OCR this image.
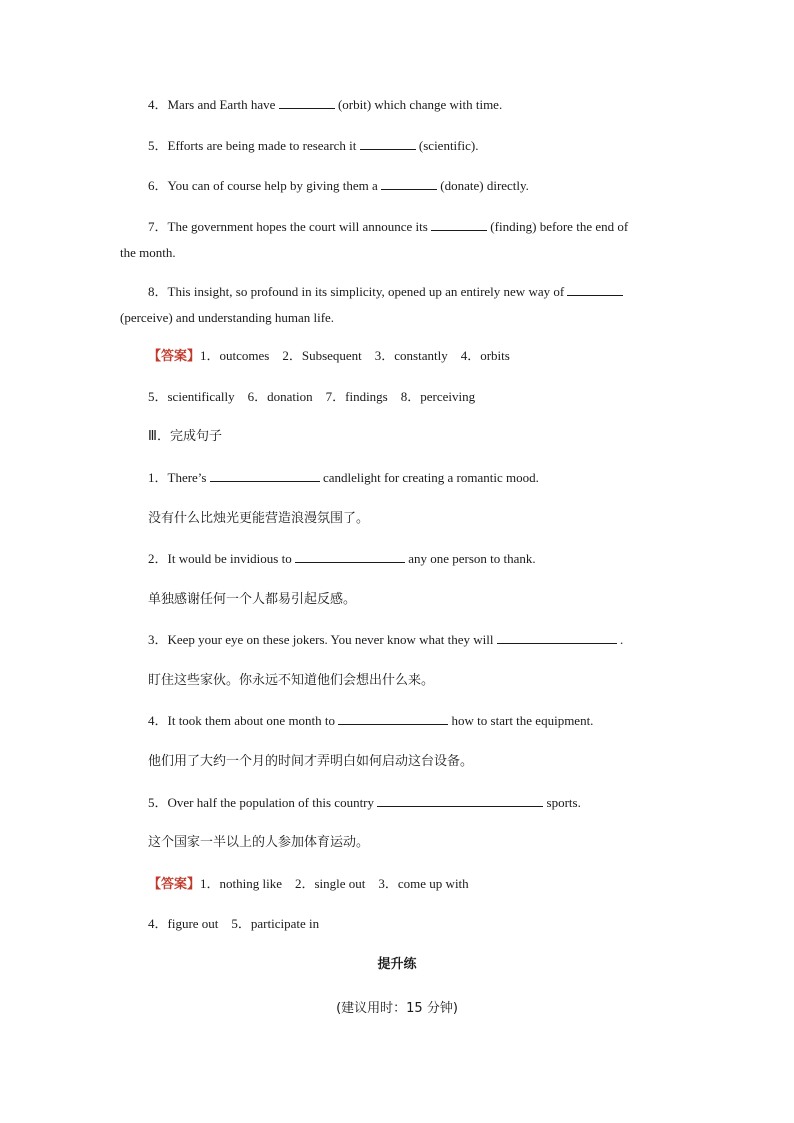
4．Mars and Earth have	(orbit) which change with time.
5．Efforts are being made to research it	(scientific).
6．You can of course help by giving them a	(donate) directly.
7．The government hopes the court will announce its	(finding) before the end of
the month.
8．This insight, so profound in its simplicity, opened up an entirely new way of
(perceive) and understanding human life.
【答案】1．outcomes　2．Subsequent　3．constantly　4．orbits
5．scientifically　6．donation　7．findings　8．perceiving
Ⅲ．完成句子
1．There’s	candlelight for creating a romantic mood.
没有什么比烛光更能营造浪漫氛围了。
2．It would be invidious to	any one person to thank.
单独感谢任何一个人都易引起反感。
3．Keep your eye on these jokers. You never know what they will	.
盯住这些家伙。你永远不知道他们会想出什么来。
4．It took them about one month to	how to start the equipment.
他们用了大约一个月的时间才弄明白如何启动这台设备。
5．Over half the population of this country	sports.
这个国家一半以上的人参加体育运动。
【答案】1．nothing like　2．single out　3．come up with
4．figure out　5．participate in
提升练
(建议用时：15 分钟)
